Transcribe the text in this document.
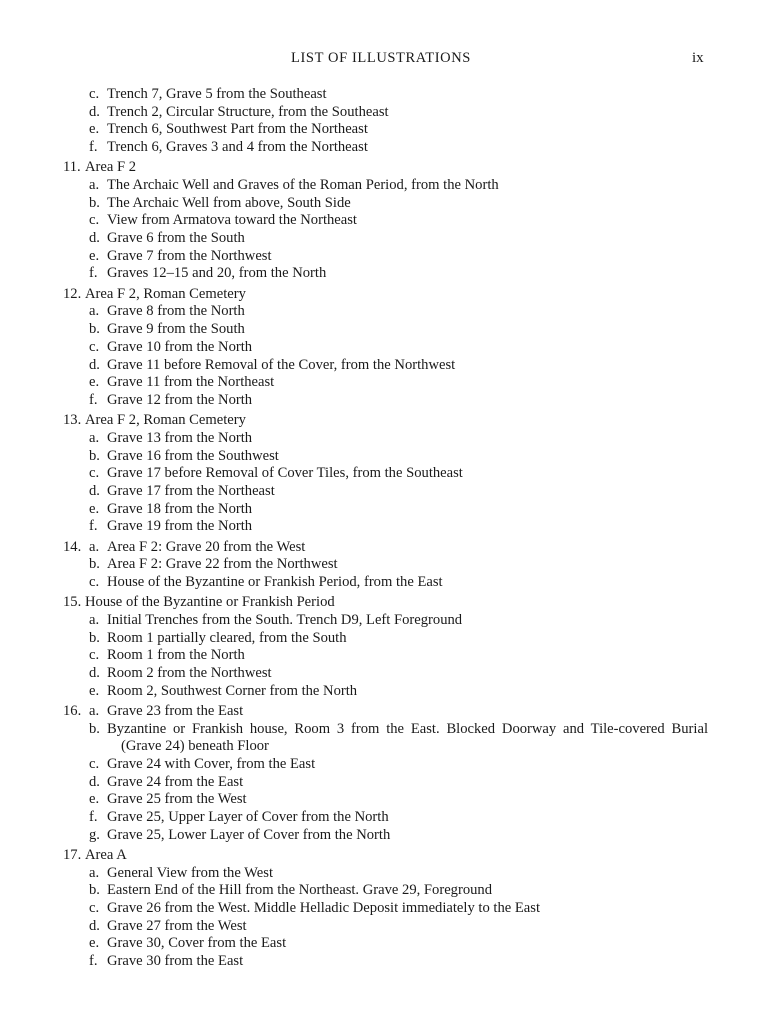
LIST OF ILLUSTRATIONS	ix
c. Trench 7, Grave 5 from the Southeast
d. Trench 2, Circular Structure, from the Southeast
e. Trench 6, Southwest Part from the Northeast
f. Trench 6, Graves 3 and 4 from the Northeast
11. Area F 2
a. The Archaic Well and Graves of the Roman Period, from the North
b. The Archaic Well from above, South Side
c. View from Armatova toward the Northeast
d. Grave 6 from the South
e. Grave 7 from the Northwest
f. Graves 12–15 and 20, from the North
12. Area F 2, Roman Cemetery
a. Grave 8 from the North
b. Grave 9 from the South
c. Grave 10 from the North
d. Grave 11 before Removal of the Cover, from the Northwest
e. Grave 11 from the Northeast
f. Grave 12 from the North
13. Area F 2, Roman Cemetery
a. Grave 13 from the North
b. Grave 16 from the Southwest
c. Grave 17 before Removal of Cover Tiles, from the Southeast
d. Grave 17 from the Northeast
e. Grave 18 from the North
f. Grave 19 from the North
14. a. Area F 2: Grave 20 from the West
b. Area F 2: Grave 22 from the Northwest
c. House of the Byzantine or Frankish Period, from the East
15. House of the Byzantine or Frankish Period
a. Initial Trenches from the South. Trench D9, Left Foreground
b. Room 1 partially cleared, from the South
c. Room 1 from the North
d. Room 2 from the Northwest
e. Room 2, Southwest Corner from the North
16. a. Grave 23 from the East
b. Byzantine or Frankish house, Room 3 from the East. Blocked Doorway and Tile-covered Burial
(Grave 24) beneath Floor
c. Grave 24 with Cover, from the East
d. Grave 24 from the East
e. Grave 25 from the West
f. Grave 25, Upper Layer of Cover from the North
g. Grave 25, Lower Layer of Cover from the North
17. Area A
a. General View from the West
b. Eastern End of the Hill from the Northeast. Grave 29, Foreground
c. Grave 26 from the West. Middle Helladic Deposit immediately to the East
d. Grave 27 from the West
e. Grave 30, Cover from the East
f. Grave 30 from the East
